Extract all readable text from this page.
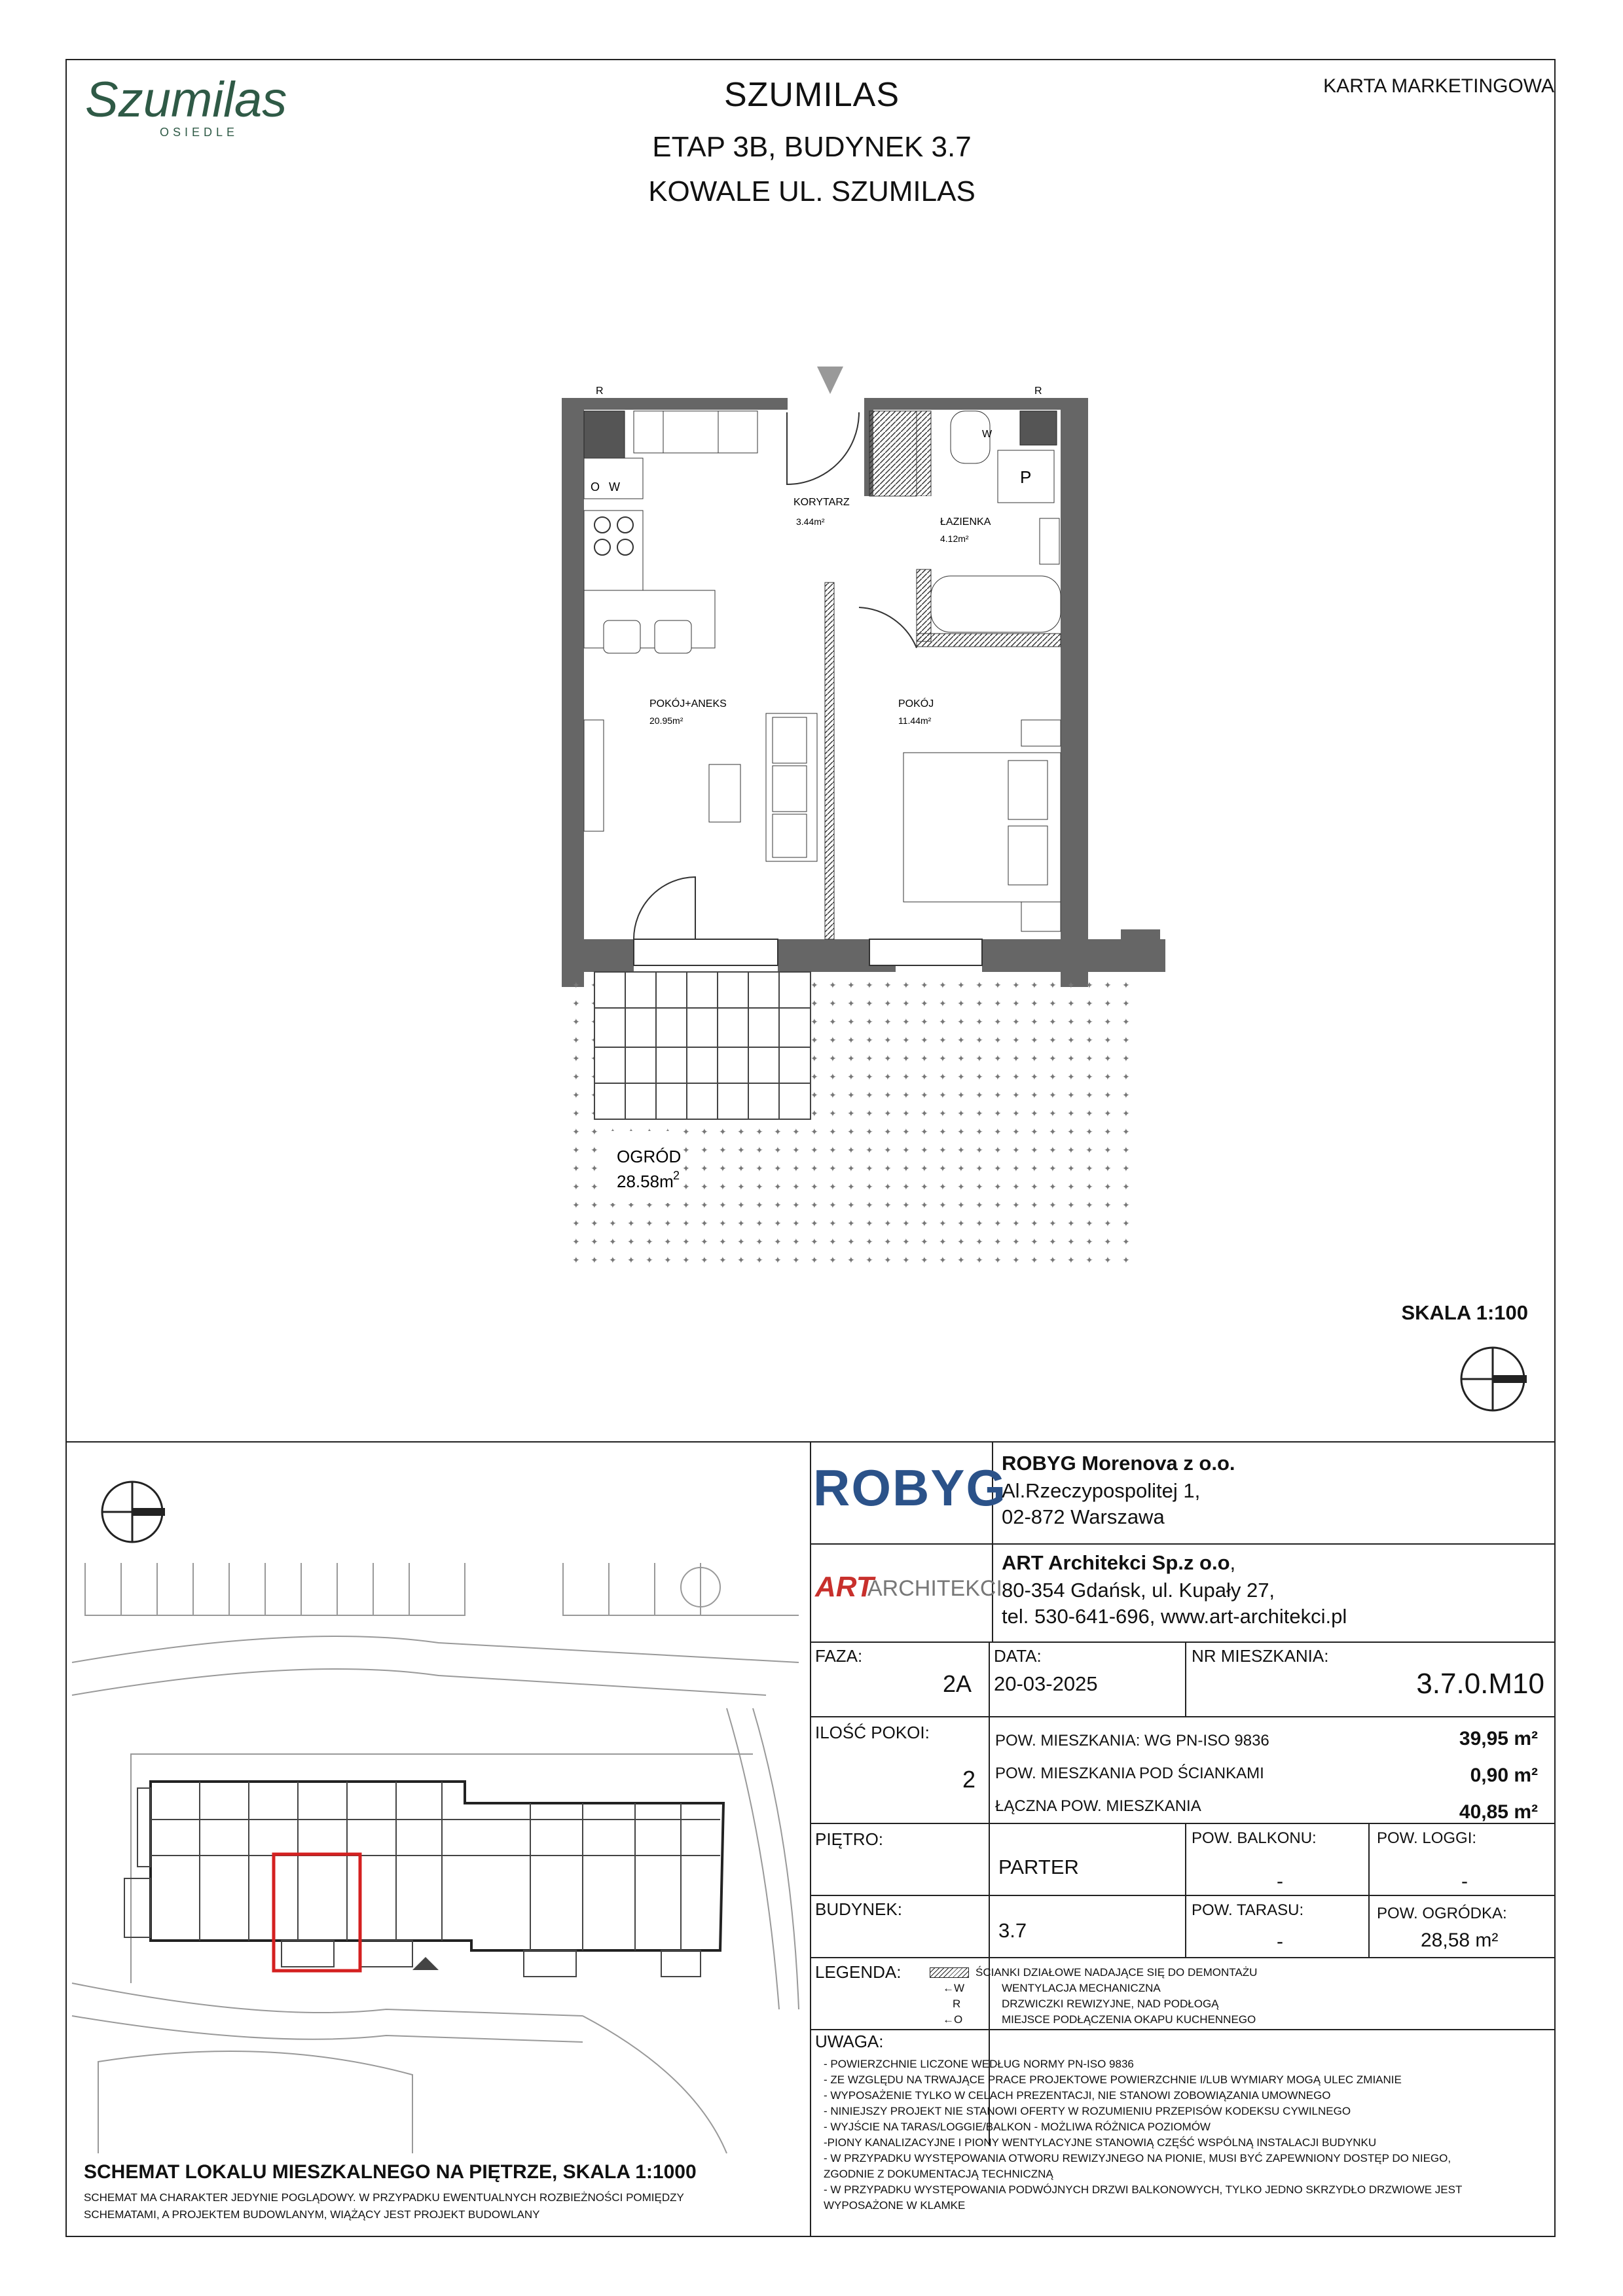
Szumilas
OSIEDLE
SZUMILAS
ETAP 3B, BUDYNEK 3.7
KOWALE UL. SZUMILAS
KARTA MARKETINGOWA
O W	P
W
R	R
KORYTARZ
3.44m²	ŁAZIENKA
4.12m²
POKÓJ+ANEKS
20.95m²
POKÓJ
11.44m²
OGRÓD
28.58m 2
SKALA 1:100
SCHEMAT LOKALU MIESZKALNEGO NA PIĘTRZE, SKALA 1:1000
SCHEMAT MA CHARAKTER JEDYNIE POGLĄDOWY. W PRZYPADKU EWENTUALNYCH ROZBIEŻNOŚCI POMIĘDZY
SCHEMATAMI, A PROJEKTEM BUDOWLANYM, WIĄŻĄCY JEST PROJEKT BUDOWLANY
ROBYG
ROBYG Morenova z o.o.
Al.Rzeczypospolitej 1,
02-872 Warszawa
ART
ARCHITEKCI
ART Architekci Sp.z o.o,
80-354 Gdańsk, ul. Kupały 27,
tel. 530-641-696, www.art-architekci.pl
FAZA:
2A
DATA:
20-03-2025
NR MIESZKANIA:
3.7.0.M10
ILOŚĆ POKOI:
2
POW. MIESZKANIA: WG PN-ISO 9836	39,95 m²
POW. MIESZKANIA POD ŚCIANKAMI	0,90 m²
ŁĄCZNA POW. MIESZKANIA	40,85 m²
PIĘTRO:
PARTER
POW. BALKONU:
-
POW. LOGGI:
-
BUDYNEK:
3.7
POW. TARASU:
-
POW. OGRÓDKA:
28,58 m²
LEGENDA:	ŚCIANKI DZIAŁOWE NADAJĄCE SIĘ DO DEMONTAŻU
←W	WENTYLACJA MECHANICZNA
R	DRZWICZKI REWIZYJNE, NAD PODŁOGĄ
←O	MIEJSCE PODŁĄCZENIA OKAPU KUCHENNEGO
UWAGA:
- POWIERZCHNIE LICZONE WEDŁUG NORMY PN-ISO 9836
- ZE WZGLĘDU NA TRWAJĄCE PRACE PROJEKTOWE POWIERZCHNIE I/LUB WYMIARY MOGĄ ULEC ZMIANIE
- WYPOSAŻENIE TYLKO W CELACH PREZENTACJI, NIE STANOWI ZOBOWIĄZANIA UMOWNEGO
- NINIEJSZY PROJEKT NIE STANOWI OFERTY W ROZUMIENIU PRZEPISÓW KODEKSU CYWILNEGO
- WYJŚCIE NA TARAS/LOGGIE/BALKON - MOŻLIWA RÓŻNICA POZIOMÓW
-PIONY KANALIZACYJNE I PIONY WENTYLACYJNE STANOWIĄ CZĘŚĆ WSPÓLNĄ INSTALACJI BUDYNKU
- W PRZYPADKU WYSTĘPOWANIA OTWORU REWIZYJNEGO NA PIONIE, MUSI BYĆ ZAPEWNIONY DOSTĘP DO NIEGO,
ZGODNIE Z DOKUMENTACJĄ TECHNICZNĄ
- W PRZYPADKU WYSTĘPOWANIA PODWÓJNYCH DRZWI BALKONOWYCH, TYLKO JEDNO SKRZYDŁO DRZWIOWE JEST
WYPOSAŻONE W KLAMKE
